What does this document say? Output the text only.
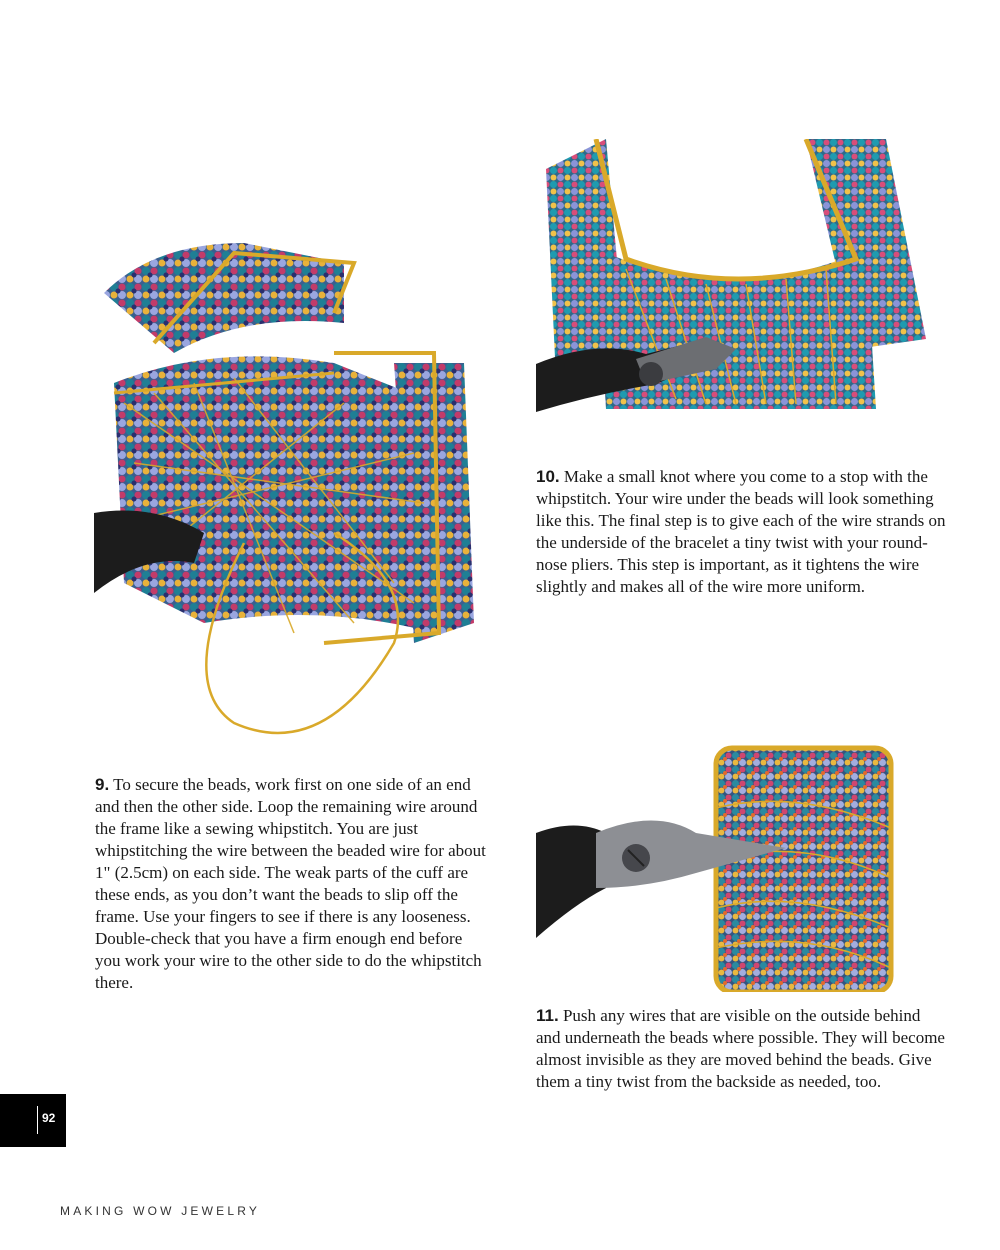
9. To secure the beads, work first on one side of an end and then the other side. Loop the remaining wire around the frame like a sewing whipstitch. You are just whipstitching the wire between the beaded wire for about 1" (2.5cm) on each side. The weak parts of the cuff are these ends, as you don’t want the beads to slip off the frame. Use your fingers to see if there is any looseness. Double-check that you have a firm enough end before you work your wire to the other side to do the whipstitch there.

10. Make a small knot where you come to a stop with the whipstitch. Your wire under the beads will look something like this. The final step is to give each of the wire strands on the underside of the bracelet a tiny twist with your round-nose pliers. This step is important, as it tightens the wire slightly and makes all of the wire more uniform.

11. Push any wires that are visible on the outside behind and underneath the beads where possible. They will become almost invisible as they are moved behind the beads. Give them a tiny twist from the backside as needed, too.

92
MAKING WOW JEWELRY
